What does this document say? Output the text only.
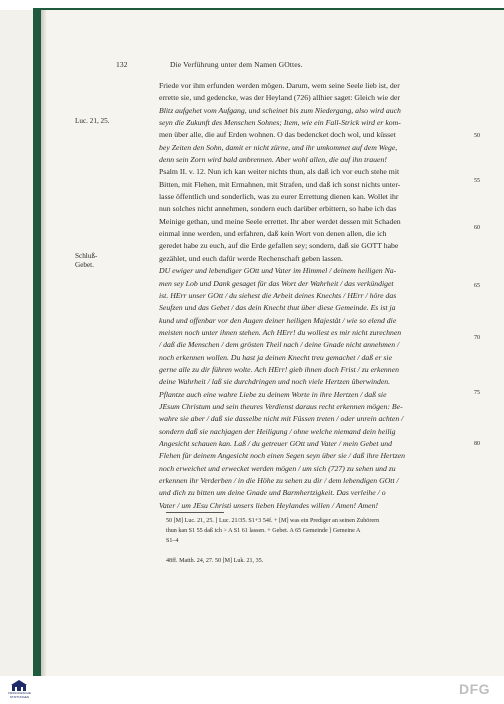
132	Die Verführung unter dem Namen GOttes.
Luc. 21, 25.
Schluß-
Gebet.
Friede vor ihm erfunden werden mögen. Darum, wem seine Seele lieb ist, der
errette sie, und gedencke, was der Heyland (726) allhier saget: Gleich wie der
Blitz aufgehet vom Aufgang, und scheinet bis zum Niedergang, also wird auch
seyn die Zukunft des Menschen Sohnes; Item, wie ein Fall-Strick wird er kom-
men über alle, die auf Erden wohnen. O das bedencket doch wol, und küsset
bey Zeiten den Sohn, damit er nicht zürne, und ihr umkommet auf dem Wege,
denn sein Zorn wird bald anbrennen. Aber wohl allen, die auf ihn trauen!
Psalm II. v. 12. Nun ich kan weiter nichts thun, als daß ich vor euch stehe mit
Bitten, mit Flehen, mit Ermahnen, mit Strafen, und daß ich sonst nichts unter-
lasse öffentlich und sonderlich, was zu eurer Errettung dienen kan. Wollet ihr
nun solches nicht annehmen, sondern euch darüber erbittern, so habe ich das
Meinige gethan, und meine Seele errettet. Ihr aber werdet dessen mit Schaden
einmal inne werden, und erfahren, daß kein Wort von denen allen, die ich
geredet habe zu euch, auf die Erde gefallen sey; sondern, daß sie GOTT habe
gezählet, und euch dafür werde Rechenschaft geben lassen.
DU ewiger und lebendiger GOtt und Vater im Himmel / deinem heiligen Na-
men sey Lob und Dank gesaget für das Wort der Wahrheit / das verkündiget
ist. HErr unser GOtt / du siehest die Arbeit deines Knechts / HErr / höre das
Seufzen und das Gebet / das dein Knecht thut über diese Gemeinde. Es ist ja
kund und offenbar vor den Augen deiner heiligen Majestät / wie so elend die
meisten noch unter ihnen stehen. Ach HErr! du wollest es mir nicht zurechnen
/ daß die Menschen / dem grösten Theil nach / deine Gnade nicht annehmen /
noch erkennen wollen. Du hast ja deinen Knecht treu gemachet / daß er sie
gerne alle zu dir führen wolte. Ach HErr! gieb ihnen doch Frist / zu erkennen
deine Wahrheit / laß sie durchdringen und noch viele Hertzen überwinden.
Pflantze auch eine wahre Liebe zu deinem Worte in ihre Hertzen / daß sie
JEsum Christum und sein theures Verdienst daraus recht erkennen mögen: Be-
wahre sie aber / daß sie dasselbe nicht mit Füssen treten / oder unrein achten /
sondern daß sie nachjagen der Heiligung / ohne welche niemand dein heilig
Angesicht schauen kan. Laß / du getreuer GOtt und Vater / mein Gebet und
Flehen für deinem Angesicht noch einen Segen seyn über sie / daß ihre Hertzen
noch erweichet und erwecket werden mögen / um sich (727) zu sehen und zu
erkennen ihr Verderben / in die Höhe zu sehen zu dir / dem lebendigen GOtt /
und dich zu bitten um deine Gnade und Barmhertzigkeit. Das verleihe / o
Vater / um JEsu Christi unsers lieben Heylandes willen / Amen! Amen!
50
55
60
65
70
75
80
50 [M] Luc. 21, 25. ] Luc. 21/35. S1+3 54f. + [M] was ein Prediger an seinen Zuhörern
thun kan S1 55 daß ich > A S1 61 lassen. + Gebet. A 65 Gemeinde ] Gemeine A
S1–4
48ff. Matth. 24, 27. 50 [M] Luk. 21, 35.
FRANCKESCHE
STIFTUNGEN	DFG
